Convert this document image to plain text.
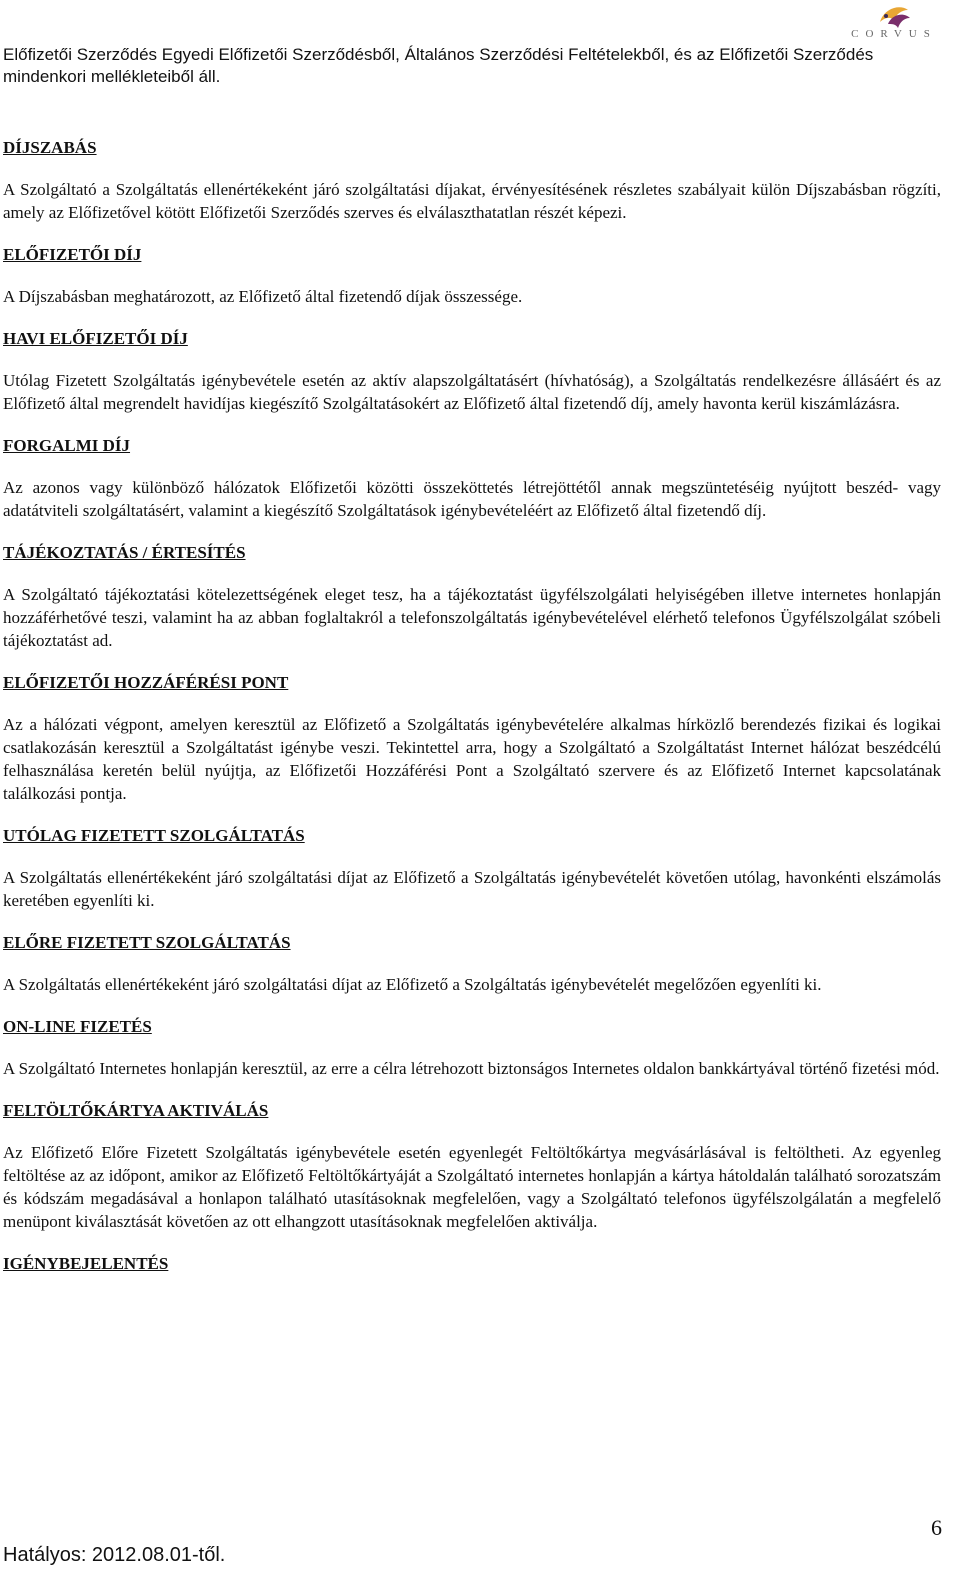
CORVUS

Előfizetői Szerződés Egyedi Előfizetői Szerződésből, Általános Szerződési Feltételekből, és az Előfizetői Szerződés mindenkori mellékleteiből áll.

DÍJSZABÁS

A Szolgáltató a Szolgáltatás ellenértékeként járó szolgáltatási díjakat, érvényesítésének részletes szabályait külön Díjszabásban rögzíti, amely az Előfizetővel kötött Előfizetői Szerződés szerves és elválaszthatatlan részét képezi.

ELŐFIZETŐI DÍJ

A Díjszabásban meghatározott, az Előfizető által fizetendő díjak összessége.

HAVI ELŐFIZETŐI DÍJ

Utólag Fizetett Szolgáltatás igénybevétele esetén az aktív alapszolgáltatásért (hívhatóság), a Szolgáltatás rendelkezésre állásáért és az Előfizető által megrendelt havidíjas kiegészítő Szolgáltatásokért az Előfizető által fizetendő díj, amely havonta kerül kiszámlázásra.

FORGALMI DÍJ

Az azonos vagy különböző hálózatok Előfizetői közötti összeköttetés létrejöttétől annak megszüntetéséig nyújtott beszéd- vagy adatátviteli szolgáltatásért, valamint a kiegészítő Szolgáltatások igénybevételéért az Előfizető által fizetendő díj.

TÁJÉKOZTATÁS / ÉRTESÍTÉS

A Szolgáltató tájékoztatási kötelezettségének eleget tesz, ha a tájékoztatást ügyfélszolgálati helyiségében illetve internetes honlapján hozzáférhetővé teszi, valamint ha az abban foglaltakról a telefonszolgáltatás igénybevételével elérhető telefonos Ügyfélszolgálat szóbeli tájékoztatást ad.

ELŐFIZETŐI HOZZÁFÉRÉSI PONT

Az a hálózati végpont, amelyen keresztül az Előfizető a Szolgáltatás igénybevételére alkalmas hírközlő berendezés fizikai és logikai csatlakozásán keresztül a Szolgáltatást igénybe veszi. Tekintettel arra, hogy a Szolgáltató a Szolgáltatást Internet hálózat beszédcélú felhasználása keretén belül nyújtja, az Előfizetői Hozzáférési Pont a Szolgáltató szervere és az Előfizető Internet kapcsolatának találkozási pontja.

UTÓLAG FIZETETT SZOLGÁLTATÁS

A Szolgáltatás ellenértékeként járó szolgáltatási díjat az Előfizető a Szolgáltatás igénybevételét követően utólag, havonkénti elszámolás keretében egyenlíti ki.

ELŐRE FIZETETT SZOLGÁLTATÁS

A Szolgáltatás ellenértékeként járó szolgáltatási díjat az Előfizető a Szolgáltatás igénybevételét megelőzően egyenlíti ki.

ON-LINE FIZETÉS

A Szolgáltató Internetes honlapján keresztül, az erre a célra létrehozott biztonságos Internetes oldalon bankkártyával történő fizetési mód.

FELTÖLTŐKÁRTYA AKTIVÁLÁS

Az Előfizető Előre Fizetett Szolgáltatás igénybevétele esetén egyenlegét Feltöltőkártya megvásárlásával is feltöltheti. Az egyenleg feltöltése az az időpont, amikor az Előfizető Feltöltőkártyáját a Szolgáltató internetes honlapján a kártya hátoldalán található sorozatszám és kódszám megadásával a honlapon található utasításoknak megfelelően, vagy a Szolgáltató telefonos ügyfélszolgálatán a megfelelő menüpont kiválasztását követően az ott elhangzott utasításoknak megfelelően aktiválja.

IGÉNYBEJELENTÉS
6
Hatályos: 2012.08.01-től.
